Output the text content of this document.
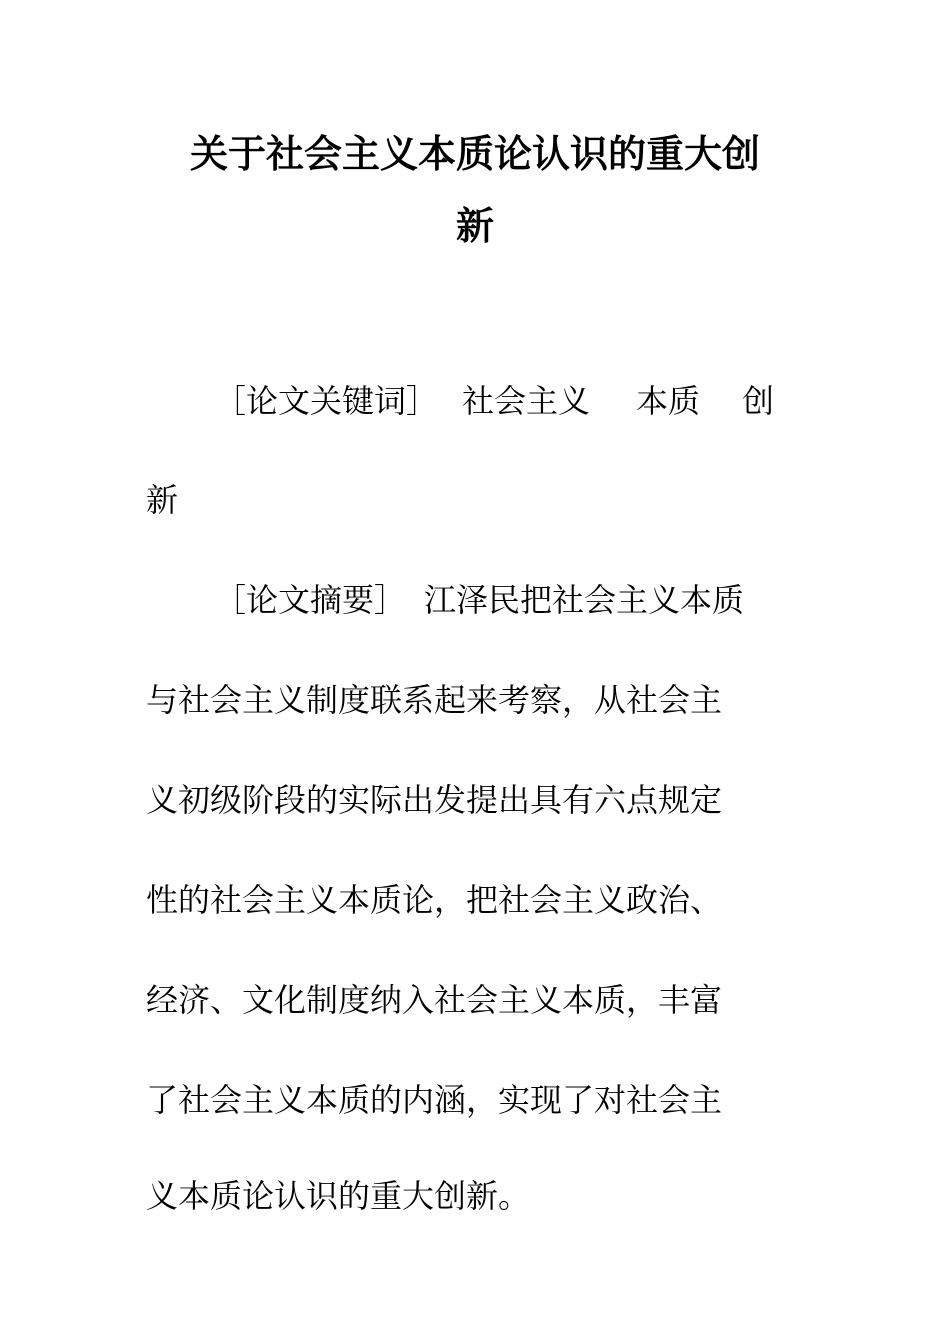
关于社会主义本质论认识的重大创
新
［论文关键词］ 社会主义 本质 创
新
［论文摘要］ 江泽民把社会主义本质
与社会主义制度联系起来考察，从社会主
义初级阶段的实际出发提出具有六点规定
性的社会主义本质论，把社会主义政治、
经济、文化制度纳入社会主义本质，丰富
了社会主义本质的内涵，实现了对社会主
义本质论认识的重大创新。
